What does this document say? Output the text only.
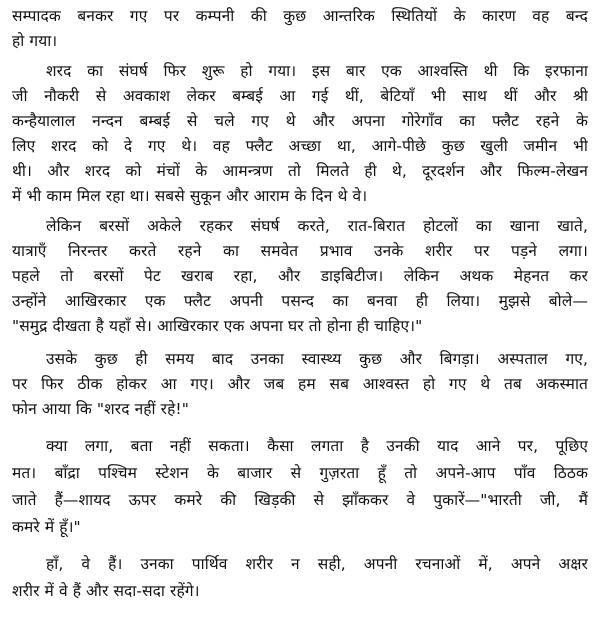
सम्पादक बनकर गए पर कम्पनी की कुछ आन्तरिक स्थितियों के कारण वह बन्द
हो गया।
शरद का संघर्ष फिर शुरू हो गया। इस बार एक आश्वस्ति थी कि इरफाना
जी नौकरी से अवकाश लेकर बम्बई आ गई थीं, बेटियाँ भी साथ थीं और श्री
कन्हैयालाल नन्दन बम्बई से चले गए थे और अपना गोरेगाँव का फ्लैट रहने के
लिए शरद को दे गए थे। वह फ्लैट अच्छा था, आगे-पीछे कुछ खुली जमीन भी
थी। और शरद को मंचों के आमन्त्रण तो मिलते ही थे, दूरदर्शन और फिल्म-लेखन
में भी काम मिल रहा था। सबसे सुकून और आराम के दिन थे वे।
लेकिन बरसों अकेले रहकर संघर्ष करते, रात-बिरात होटलों का खाना खाते,
यात्राएँ निरन्तर करते रहने का समवेत प्रभाव उनके शरीर पर पड़ने लगा।
पहले तो बरसों पेट खराब रहा, और डाइबिटीज। लेकिन अथक मेहनत कर
उन्होंने आखिरकार एक फ्लैट अपनी पसन्द का बनवा ही लिया। मुझसे बोले—
"समुद्र दीखता है यहाँ से। आखिरकार एक अपना घर तो होना ही चाहिए।"
उसके कुछ ही समय बाद उनका स्वास्थ्य कुछ और बिगड़ा। अस्पताल गए,
पर फिर ठीक होकर आ गए। और जब हम सब आश्वस्त हो गए थे तब अकस्मात
फोन आया कि "शरद नहीं रहे!"
क्या लगा, बता नहीं सकता। कैसा लगता है उनकी याद आने पर, पूछिए
मत। बाँद्रा पश्चिम स्टेशन के बाजार से गुज़रता हूँ तो अपने-आप पाँव ठिठक
जाते हैं—शायद ऊपर कमरे की खिड़की से झाँककर वे पुकारें—"भारती जी, मैं
कमरे में हूँ।"
हाँ, वे हैं। उनका पार्थिव शरीर न सही, अपनी रचनाओं में, अपने अक्षर
शरीर में वे हैं और सदा-सदा रहेंगे।
